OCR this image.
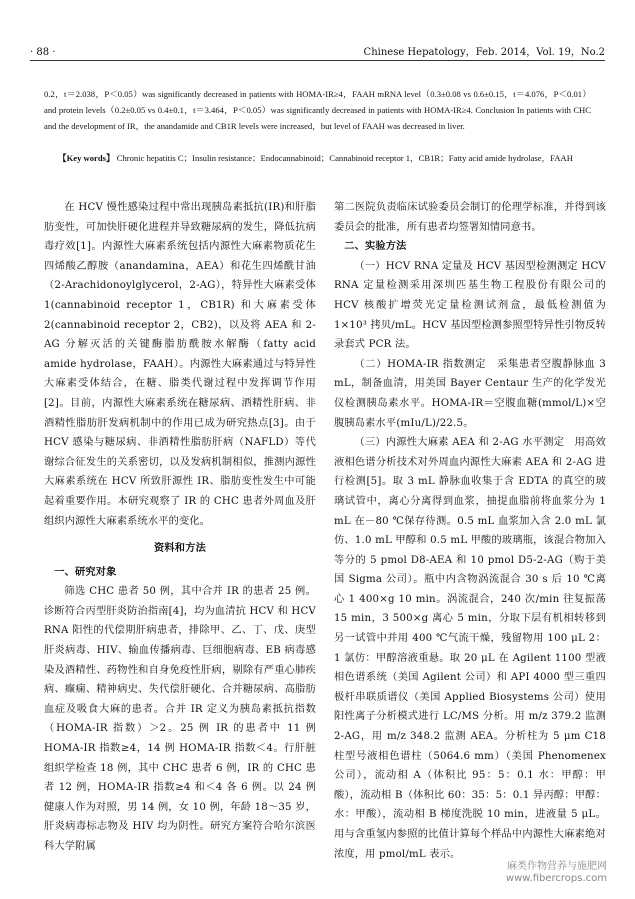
· 88 ·	Chinese Hepatology，Feb. 2014，Vol. 19，No.2
0.2，t＝2.038，P＜0.05）was significantly decreased in patients with HOMA-IR≥4，FAAH mRNA level（0.3±0.08 vs 0.6±0.15，t＝4.076，P＜0.01）and protein levels（0.2±0.05 vs 0.4±0.1，t＝3.464，P＜0.05）was significantly decreased in patients with HOMA-IR≥4. Conclusion In patients with CHC and the development of IR，the anandamide and CB1R levels were increased，but level of FAAH was decreased in liver.
【Key words】 Chronic hepatitis C；Insulin resistance；Endocannabinoid；Cannabinoid receptor 1，CB1R；Fatty acid amide hydrolase，FAAH

在 HCV 慢性感染过程中常出现胰岛素抵抗(IR)和肝脂肪变性，可加快肝硬化进程并导致糖尿病的发生，降低抗病毒疗效[1]。内源性大麻素系统包括内源性大麻素物质花生四烯酸乙醇胺（anandamina，AEA）和花生四烯酰甘油（2-Arachidonoylglycerol，2-AG），特异性大麻素受体 1(cannabinoid receptor 1，CB1R) 和大麻素受体 2(cannabinoid receptor 2，CB2)，以及将 AEA 和 2-AG 分解灭活的关键酶脂肪酰胺水解酶（fatty acid amide hydrolase，FAAH）。内源性大麻素通过与特异性大麻素受体结合，在糖、脂类代谢过程中发挥调节作用[2]。目前，内源性大麻素系统在糖尿病、酒精性肝病、非酒精性脂肪肝发病机制中的作用已成为研究热点[3]。由于 HCV 感染与糖尿病、非酒精性脂肪肝病（NAFLD）等代谢综合征发生的关系密切，以及发病机制相似，推测内源性大麻素系统在 HCV 所致肝源性 IR、脂肪变性发生中可能起着重要作用。本研究观察了 IR 的 CHC 患者外周血及肝组织内源性大麻素系统水平的变化。

资料和方法

一、研究对象

筛选 CHC 患者 50 例，其中合并 IR 的患者 25 例。诊断符合丙型肝炎防治指南[4]，均为血清抗 HCV 和 HCV RNA 阳性的代偿期肝病患者，排除甲、乙、丁、戊、庚型肝炎病毒、HIV、输血传播病毒、巨细胞病毒、EB 病毒感染及酒精性、药物性和自身免疫性肝病，剔除有严重心肺疾病、癫痫、精神病史、失代偿肝硬化、合并糖尿病、高脂肪血症及吸食大麻的患者。合并 IR 定义为胰岛素抵抗指数（HOMA-IR 指数）＞2。25 例 IR 的患者中 11 例 HOMA-IR 指数≥4，14 例 HOMA-IR 指数＜4。行肝脏组织学检查 18 例，其中 CHC 患者 6 例，IR 的 CHC 患者 12 例，HOMA-IR 指数≥4 和＜4 各 6 例。以 24 例健康人作为对照，男 14 例，女 10 例，年龄 18～35 岁，肝炎病毒标志物及 HIV 均为阴性。研究方案符合哈尔滨医科大学附属

第二医院负责临床试验委员会制订的伦理学标准，并得到该委员会的批准，所有患者均签署知情同意书。

二、实验方法

（一）HCV RNA 定量及 HCV 基因型检测测定 HCV RNA 定量检测采用深圳匹基生物工程股份有限公司的 HCV 核酸扩增荧光定量检测试剂盒，最低检测值为 1×10³ 拷贝/mL。HCV 基因型检测参照型特异性引物反转录套式 PCR 法。

（二）HOMA-IR 指数测定　采集患者空腹静脉血 3 mL，制备血清，用美国 Bayer Centaur 生产的化学发光仪检测胰岛素水平。HOMA-IR＝空腹血糖(mmol/L)×空腹胰岛素水平(mIu/L)/22.5。

（三）内源性大麻素 AEA 和 2-AG 水平测定　用高效液相色谱分析技术对外周血内源性大麻素 AEA 和 2-AG 进行检测[5]。取 3 mL 静脉血收集于含 EDTA 的真空的玻璃试管中，离心分离得到血浆，抽提血脂前将血浆分为 1 mL 在－80 ℃保存待测。0.5 mL 血浆加入含 2.0 mL 氯仿、1.0 mL 甲醇和 0.5 mL 甲酸的玻璃瓶，该混合物加入等分的 5 pmol D8-AEA 和 10 pmol D5-2-AG（购于美国 Sigma 公司）。瓶中内含物涡流混合 30 s 后 10 ℃离心 1 400×g 10 min。涡流混合，240 次/min 往复振荡 15 min，3 500×g 离心 5 min，分取下层有机相转移到另一试管中并用 400 ℃气流干燥，残留物用 100 μL 2：1 氯仿：甲醇溶液重悬。取 20 μL 在 Agilent 1100 型液相色谱系统（美国 Agilent 公司）和 API 4000 型三重四极杆串联质谱仪（美国 Applied Biosystems 公司）使用阳性离子分析模式进行 LC/MS 分析。用 m/z 379.2 监测 2-AG，用 m/z 348.2 监测 AEA。分析柱为 5 μm C18 柱型号液相色谱柱（5064.6 mm）（美国 Phenomenex 公司），流动相 A（体积比 95：5：0.1 水：甲醇：甲酸），流动相 B（体积比 60：35：5：0.1 异丙醇：甲醇：水：甲酸），流动相 B 梯度洗脱 10 min，进液量 5 μL。用与含重氢内参照的比值计算每个样品中内源性大麻素绝对浓度，用 pmol/mL 表示。

麻类作物营养与施肥网
www.fibercrops.com
